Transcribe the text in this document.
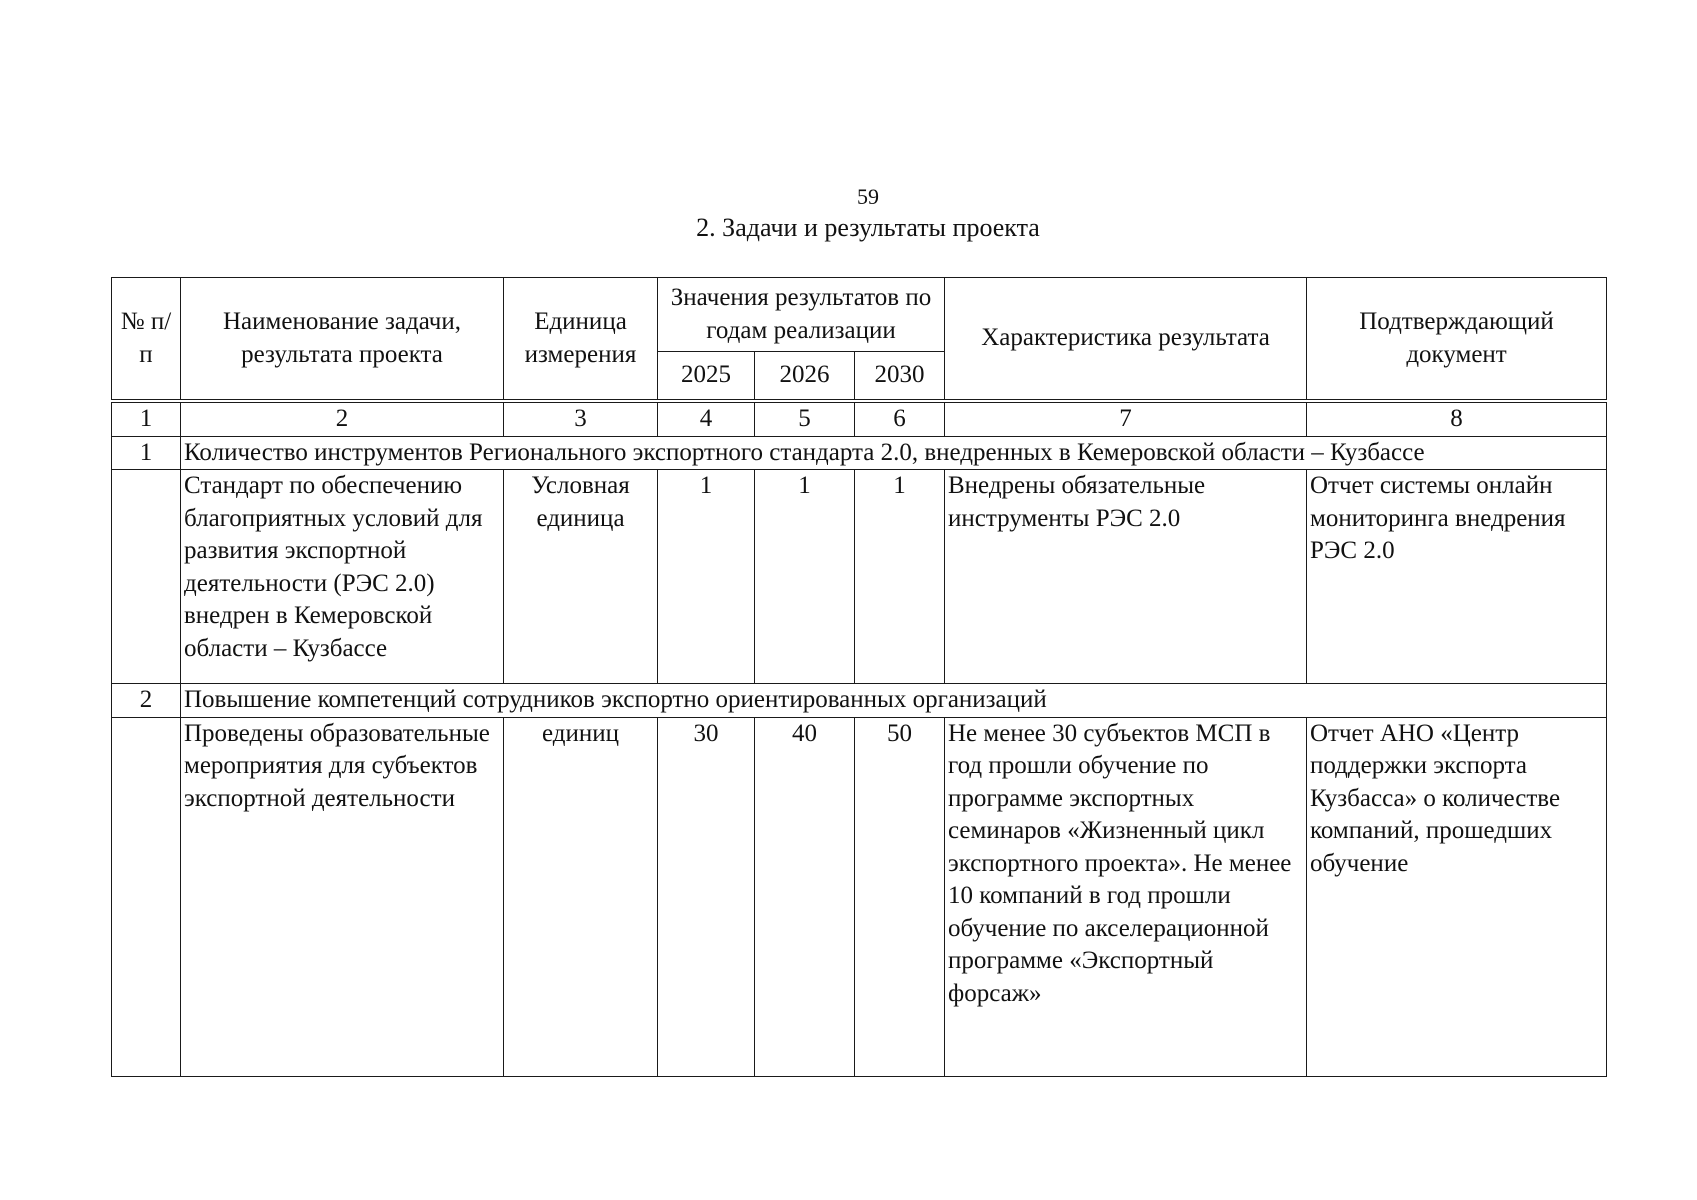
59
2. Задачи и результаты проекта
№ п/п	Наименование задачи, результата проекта	Единица измерения	Значения результатов по годам реализации			Характеристика результата	Подтверждающий документ
			2025	2026	2030		
1	2	3	4	5	6	7	8
1	Количество инструментов Регионального экспортного стандарта 2.0, внедренных в Кемеровской области – Кузбассе						
	Стандарт по обеспечению благоприятных условий для развития экспортной деятельности (РЭС 2.0) внедрен в Кемеровской области – Кузбассе	Условная единица	1	1	1	Внедрены обязательные инструменты РЭС 2.0	Отчет системы онлайн мониторинга внедрения РЭС 2.0
2	Повышение компетенций сотрудников экспортно ориентированных организаций						
	Проведены образовательные мероприятия для субъектов экспортной деятельности	единиц	30	40	50	Не менее 30 субъектов МСП в год прошли обучение по программе экспортных семинаров «Жизненный цикл экспортного проекта». Не менее 10 компаний в год прошли обучение по акселерационной программе «Экспортный форсаж»	Отчет АНО «Центр поддержки экспорта Кузбасса» о количестве компаний, прошедших обучение
